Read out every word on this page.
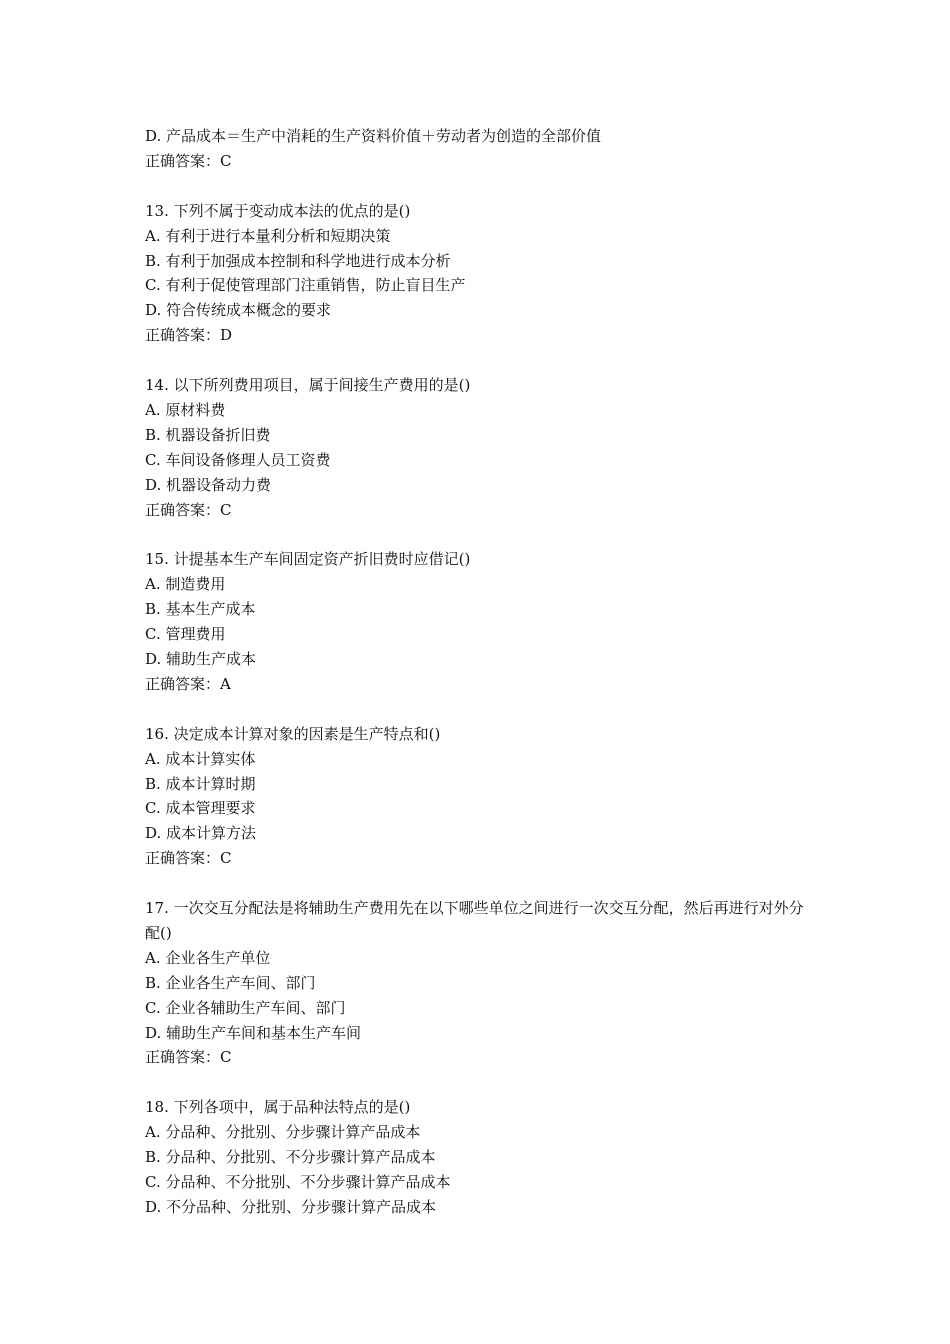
D. 产品成本＝生产中消耗的生产资料价值＋劳动者为创造的全部价值
正确答案：C
13. 下列不属于变动成本法的优点的是()
A. 有利于进行本量利分析和短期决策
B. 有利于加强成本控制和科学地进行成本分析
C. 有利于促使管理部门注重销售，防止盲目生产
D. 符合传统成本概念的要求
正确答案：D
14. 以下所列费用项目，属于间接生产费用的是()
A. 原材料费
B. 机器设备折旧费
C. 车间设备修理人员工资费
D. 机器设备动力费
正确答案：C
15. 计提基本生产车间固定资产折旧费时应借记()
A. 制造费用
B. 基本生产成本
C. 管理费用
D. 辅助生产成本
正确答案：A
16. 决定成本计算对象的因素是生产特点和()
A. 成本计算实体
B. 成本计算时期
C. 成本管理要求
D. 成本计算方法
正确答案：C
17. 一次交互分配法是将辅助生产费用先在以下哪些单位之间进行一次交互分配，然后再进行对外分配()
A. 企业各生产单位
B. 企业各生产车间、部门
C. 企业各辅助生产车间、部门
D. 辅助生产车间和基本生产车间
正确答案：C
18. 下列各项中，属于品种法特点的是()
A. 分品种、分批别、分步骤计算产品成本
B. 分品种、分批别、不分步骤计算产品成本
C. 分品种、不分批别、不分步骤计算产品成本
D. 不分品种、分批别、分步骤计算产品成本
